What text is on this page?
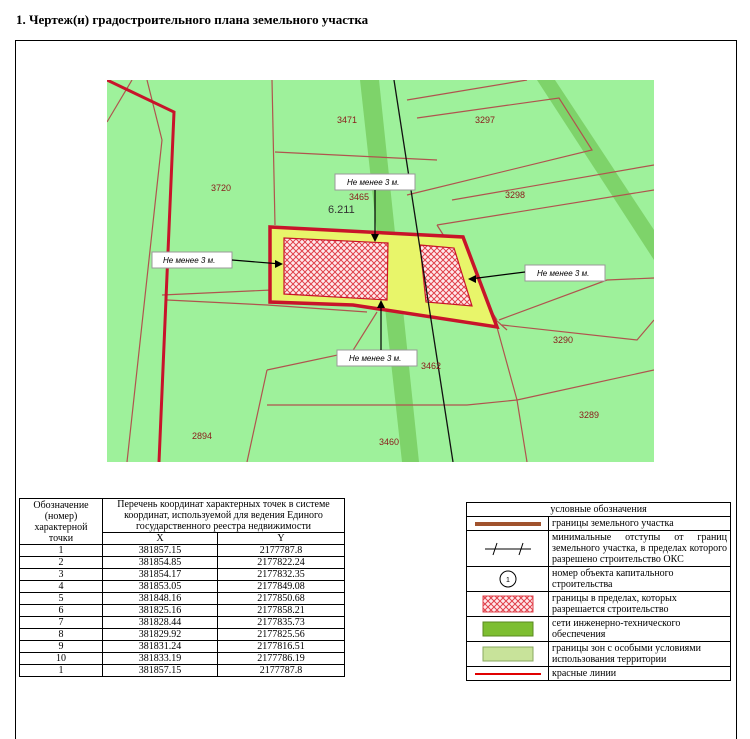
1. Чертеж(и) градостроительного плана земельного участка
3471	3297
3720
3465	3298
3290
3289
2894
3460
3462
6.211
Не менее 3 м.
Не менее 3 м.
Не менее 3 м.
Не менее 3 м.
Обозначение (номер) характерной точки	Перечень координат характерных точек в системе координат, используемой для ведения Единого государственного реестра недвижимости	
	X	Y
1	381857.15	2177787.8
2	381854.85	2177822.24
3	381854.17	2177832.35
4	381853.05	2177849.08
5	381848.16	2177850.68
6	381825.16	2177858.21
7	381828.44	2177835.73
8	381829.92	2177825.56
9	381831.24	2177816.51
10	381833.19	2177786.19
1	381857.15	2177787.8
условные обозначения	
	границы земельного участка
	минимальные отступы от границ земельного участка, в пределах которого разрешено строительство ОКС

1	номер объекта капитального строительства
	границы в пределах, которых разрешается строительство
	сети инженерно-технического обеспечения
	границы зон с особыми условиями использования территории
	красные линии
